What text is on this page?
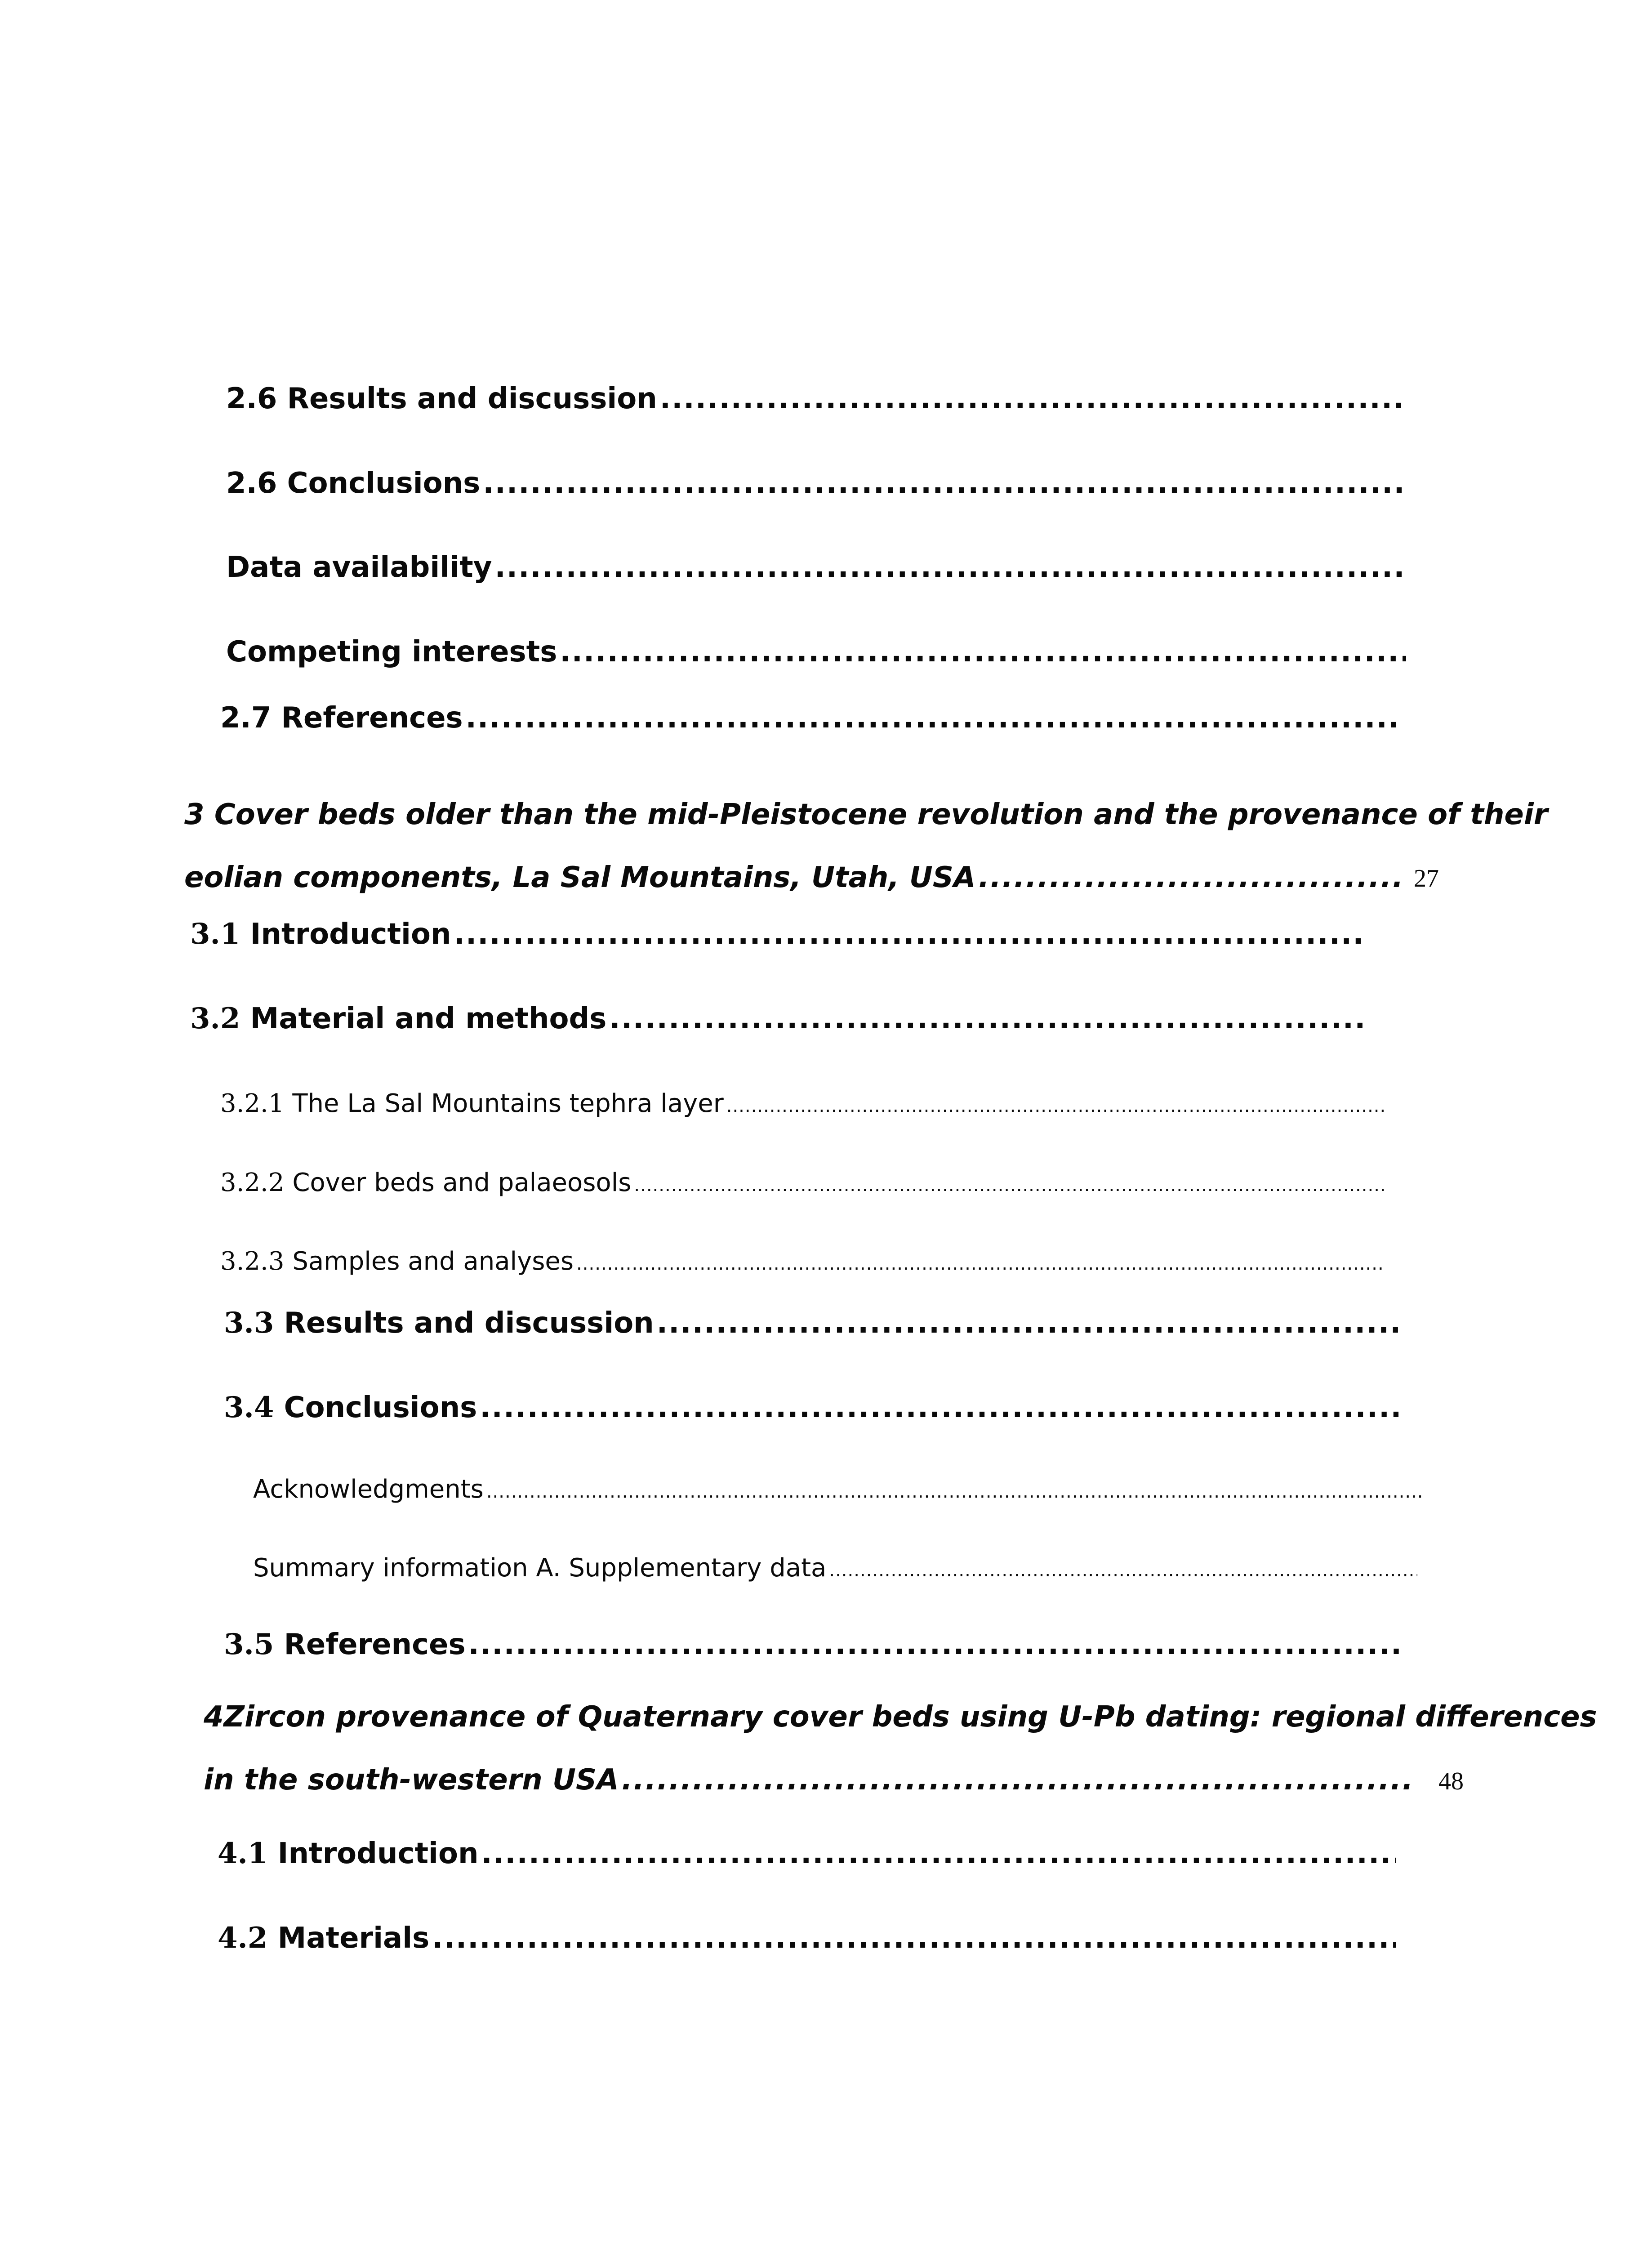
2.6 Results and discussion
.....
2.6 Conclusions
.....
Data availability
.....
Competing interests
.....
2.7 References
.....
3 Cover beds older than the mid-Pleistocene revolution and the provenance of their
eolian components, La Sal Mountains, Utah, USA .....	27
3.1 Introduction
.....
3.2 Material and methods
.....
3.2.1 The La Sal Mountains tephra layer
.....
3.2.2 Cover beds and palaeosols
.....
3.2.3 Samples and analyses
.....
3.3 Results and discussion
.....
3.4 Conclusions
.....
Acknowledgments
.....
Summary information A. Supplementary data
.....
3.5 References
.....
4 Zircon provenance of Quaternary cover beds using U-Pb dating: regional differences
in the south-western USA .....	48
4.1 Introduction
.....
4.2 Materials
.....
